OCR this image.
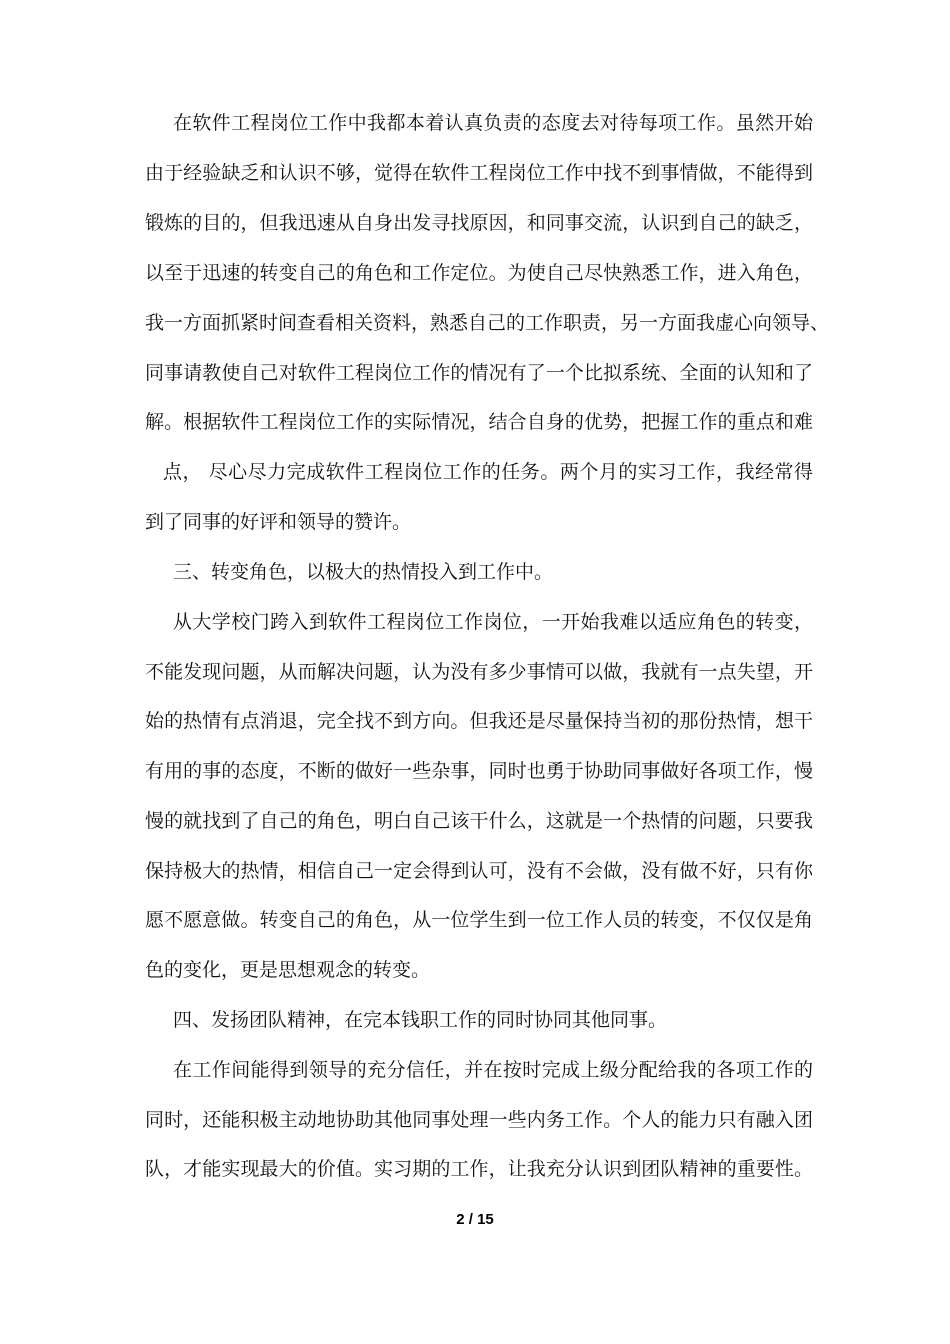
在软件工程岗位工作中我都本着认真负责的态度去对待每项工作。虽然开始
由于经验缺乏和认识不够，觉得在软件工程岗位工作中找不到事情做，不能得到
锻炼的目的，但我迅速从自身出发寻找原因，和同事交流，认识到自己的缺乏，
以至于迅速的转变自己的角色和工作定位。为使自己尽快熟悉工作，进入角色，
我一方面抓紧时间查看相关资料，熟悉自己的工作职责，另一方面我虚心向领导、
同事请教使自己对软件工程岗位工作的情况有了一个比拟系统、全面的认知和了
解。根据软件工程岗位工作的实际情况，结合自身的优势，把握工作的重点和难
点， 尽心尽力完成软件工程岗位工作的任务。两个月的实习工作，我经常得
到了同事的好评和领导的赞许。
三、转变角色，以极大的热情投入到工作中。
从大学校门跨入到软件工程岗位工作岗位，一开始我难以适应角色的转变，
不能发现问题，从而解决问题，认为没有多少事情可以做，我就有一点失望，开
始的热情有点消退，完全找不到方向。但我还是尽量保持当初的那份热情，想干
有用的事的态度，不断的做好一些杂事，同时也勇于协助同事做好各项工作，慢
慢的就找到了自己的角色，明白自己该干什么，这就是一个热情的问题，只要我
保持极大的热情，相信自己一定会得到认可，没有不会做，没有做不好，只有你
愿不愿意做。转变自己的角色，从一位学生到一位工作人员的转变，不仅仅是角
色的变化，更是思想观念的转变。
四、发扬团队精神，在完本钱职工作的同时协同其他同事。
在工作间能得到领导的充分信任，并在按时完成上级分配给我的各项工作的
同时，还能积极主动地协助其他同事处理一些内务工作。个人的能力只有融入团
队，才能实现最大的价值。实习期的工作，让我充分认识到团队精神的重要性。
2 / 15
